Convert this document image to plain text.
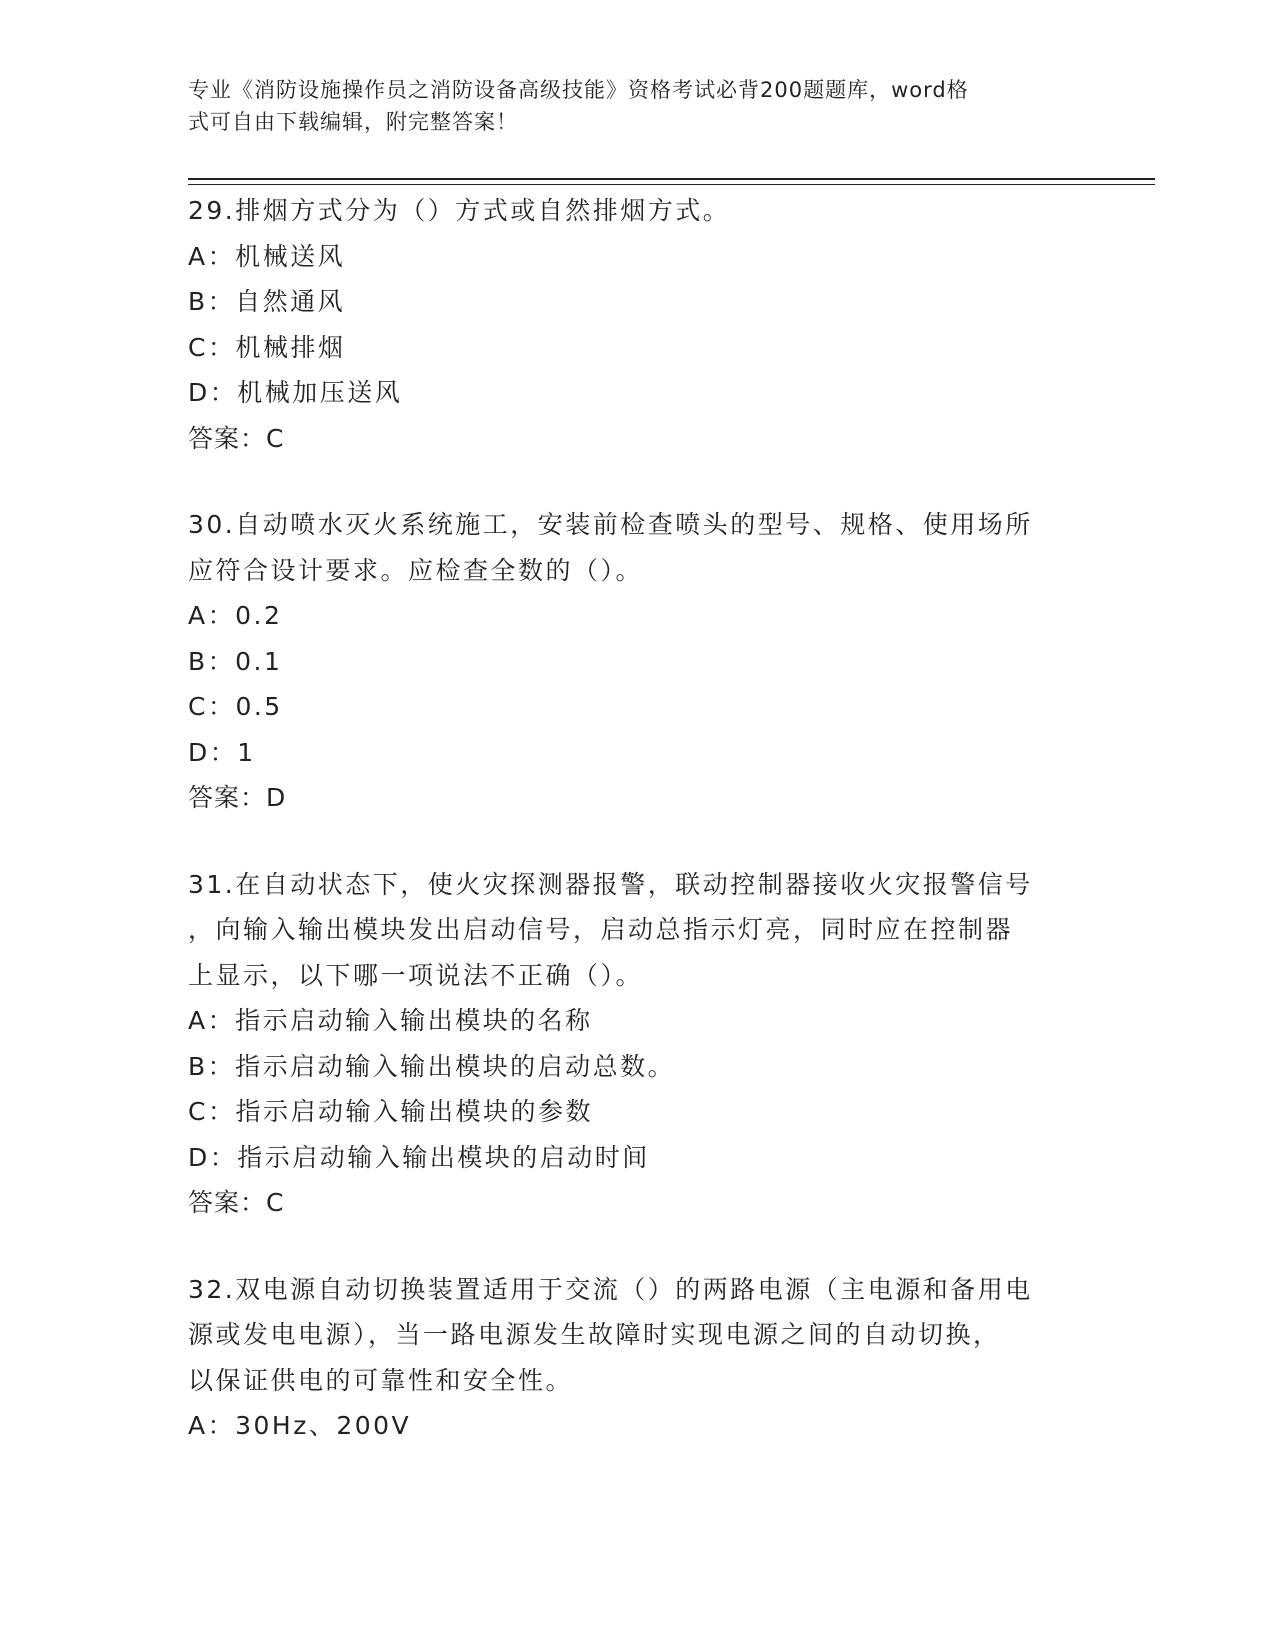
专业《消防设施操作员之消防设备高级技能》资格考试必背200题题库，word格
式可自由下载编辑，附完整答案！

29.排烟方式分为（）方式或自然排烟方式。

A：机械送风

B：自然通风

C：机械排烟

D：机械加压送风

答案：C

30.自动喷水灭火系统施工，安装前检查喷头的型号、规格、使用场所

应符合设计要求。应检查全数的（）。

A：0.2

B：0.1

C：0.5

D：1

答案：D

31.在自动状态下，使火灾探测器报警，联动控制器接收火灾报警信号

，向输入输出模块发出启动信号，启动总指示灯亮，同时应在控制器

上显示，以下哪一项说法不正确（）。

A：指示启动输入输出模块的名称

B：指示启动输入输出模块的启动总数。

C：指示启动输入输出模块的参数

D：指示启动输入输出模块的启动时间

答案：C

32.双电源自动切换装置适用于交流（）的两路电源（主电源和备用电

源或发电电源），当一路电源发生故障时实现电源之间的自动切换，

以保证供电的可靠性和安全性。

A：30Hz、200V
